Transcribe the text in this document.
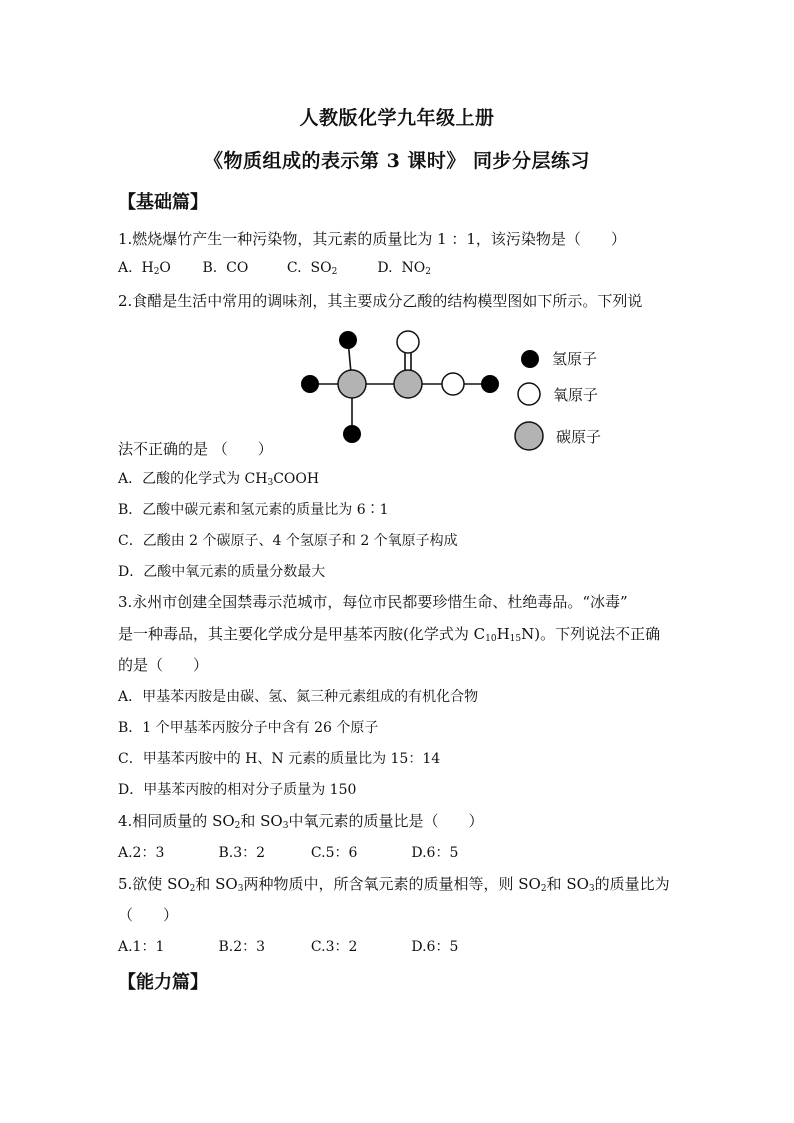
人教版化学九年级上册
《物质组成的表示第 3 课时》 同步分层练习
【基础篇】
1.燃烧爆竹产生一种污染物，其元素的质量比为 1 ：1，该污染物是（　　）
A. $H_2O$ B. CO	C. $SO_2$	D. $NO_2$
2.食醋是生活中常用的调味剂，其主要成分乙酸的结构模型图如下所示。下列说
氢原子
氧原子
碳原子
法不正确的是 （　　）
A．乙酸的化学式为 $CH_3COOH$
B．乙酸中碳元素和氢元素的质量比为 6∶1
C．乙酸由 2 个碳原子、4 个氢原子和 2 个氧原子构成
D．乙酸中氧元素的质量分数最大
3.永州市创建全国禁毒示范城市，每位市民都要珍惜生命、杜绝毒品。“冰毒”
是一种毒品，其主要化学成分是甲基苯丙胺(化学式为 $C_{10}H_{15}N$)。下列说法不正确
的是（　　）
A．甲基苯丙胺是由碳、氢、氮三种元素组成的有机化合物
B．1 个甲基苯丙胺分子中含有 26 个原子
C．甲基苯丙胺中的 H、N 元素的质量比为 15：14
D．甲基苯丙胺的相对分子质量为 150
4.相同质量的 $SO_2$和 $SO_3$中氧元素的质量比是（　　）
A.2：3	B.3：2	C.5：6	D.6：5
5.欲使 $SO_2$和 $SO_3$两种物质中，所含氧元素的质量相等，则 $SO_2$和 $SO_3$的质量比为
（　　）
A.1：1	B.2：3	C.3：2	D.6：5
【能力篇】
